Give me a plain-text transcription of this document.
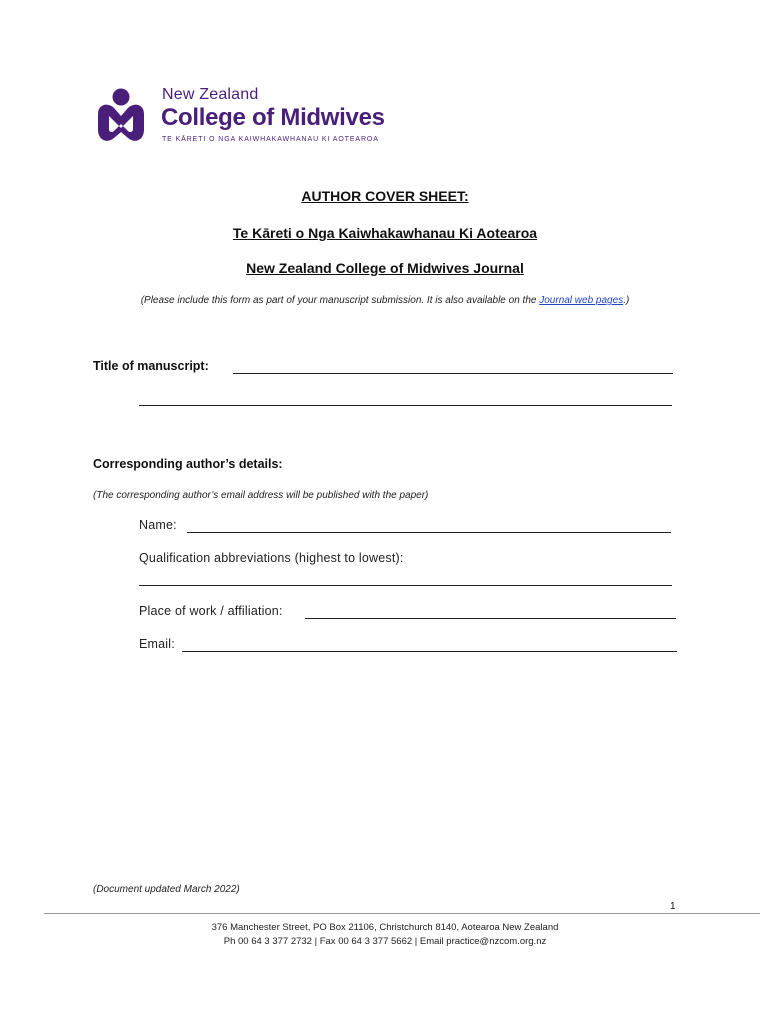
New Zealand
College of Midwives
TE KĀRETI O NGA KAIWHAKAWHANAU KI AOTEAROA
AUTHOR COVER SHEET:
Te Kāreti o Nga Kaiwhakawhanau Ki Aotearoa
New Zealand College of Midwives Journal
(Please include this form as part of your manuscript submission. It is also available on the Journal web pages.)
Title of manuscript:
Corresponding author’s details:
(The corresponding author’s email address will be published with the paper)
Name:
Qualification abbreviations (highest to lowest):
Place of work / affiliation:
Email:
(Document updated March 2022)
1
376 Manchester Street, PO Box 21106, Christchurch 8140, Aotearoa New Zealand
Ph 00 64 3 377 2732 | Fax 00 64 3 377 5662 | Email practice@nzcom.org.nz
